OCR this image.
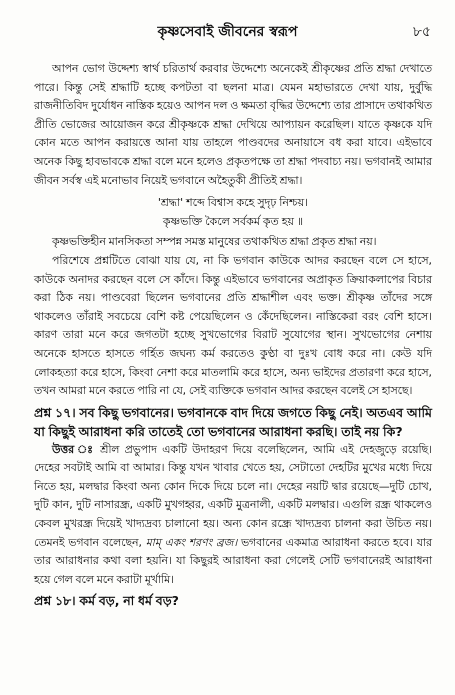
কৃষ্ণসেবাই জীবনের স্বরূপ	৮৫

আপন ভোগ উদ্দেশ্য স্বার্থ চরিতার্থ করবার উদ্দেশ্যে অনেকেই শ্রীকৃষ্ণের প্রতি শ্রদ্ধা দেখাতে পারে। কিন্তু সেই শ্রদ্ধাটি হচ্ছে কপটতা বা ছলনা মাত্র। যেমন মহাভারতে দেখা যায়, দুর্বুদ্ধি রাজনীতিবিদ দুর্যোধন নাস্তিক হয়েও আপন দল ও ক্ষমতা বৃদ্ধির উদ্দেশ্যে তার প্রাসাদে তথাকথিত প্রীতি ভোজের আয়োজন করে শ্রীকৃষ্ণকে শ্রদ্ধা দেখিয়ে আপ্যায়ন করেছিল। যাতে কৃষ্ণকে যদি কোন মতে আপন করায়ত্তে আনা যায় তাহলে পাণ্ডবদের অনায়াসে বধ করা যাবে। এইভাবে অনেক কিছু হাবভাবকে শ্রদ্ধা বলে মনে হলেও প্রকৃতপক্ষে তা শ্রদ্ধা পদবাচ্য নয়। ভগবানই আমার জীবন সর্বস্ব এই মনোভাব নিয়েই ভগবানে অহৈতুকী প্রীতিই শ্রদ্ধা।

'শ্রদ্ধা' শব্দে বিশ্বাস কহে সুদৃঢ় নিশ্চয়।
কৃষ্ণভক্তি কৈলে সর্বকর্ম কৃত হয় ॥

কৃষ্ণভক্তিহীন মানসিকতা সম্পন্ন সমস্ত মানুষের তথাকথিত শ্রদ্ধা প্রকৃত শ্রদ্ধা নয়।

পরিশেষে প্রশ্নটিতে বোঝা যায় যে, না কি ভগবান কাউকে আদর করছেন বলে সে হাসে, কাউকে অনাদর করছেন বলে সে কাঁদে। কিন্তু এইভাবে ভগবানের অপ্রাকৃত ক্রিয়াকলাপের বিচার করা ঠিক নয়। পাণ্ডবেরা ছিলেন ভগবানের প্রতি শ্রদ্ধাশীল এবং ভক্ত। শ্রীকৃষ্ণ তাঁদের সঙ্গে থাকলেও তাঁরাই সবচেয়ে বেশি কষ্ট পেয়েছিলেন ও কেঁদেছিলেন। নাস্তিকেরা বরং বেশি হাসে। কারণ তারা মনে করে জগতটা হচ্ছে সুখভোগের বিরাট সুযোগের স্থান। সুখভোগের নেশায় অনেকে হাসতে হাসতে গর্হিত জঘন্য কর্ম করতেও কুণ্ঠা বা দুঃখ বোধ করে না। কেউ যদি লোকহত্যা করে হাসে, কিংবা নেশা করে মাতলামি করে হাসে, অন্য ভাইদের প্রতারণা করে হাসে, তখন আমরা মনে করতে পারি না যে, সেই ব্যক্তিকে ভগবান আদর করছেন বলেই সে হাসছে।

প্রশ্ন ১৭। সব কিছু ভগবানের। ভগবানকে বাদ দিয়ে জগতে কিছু নেই। অতএব আমি যা কিছুই আরাধনা করি তাতেই তো ভগবানের আরাধনা করছি। তাই নয় কি?

উত্তর ঃ শ্রীল প্রভুপাদ একটি উদাহরণ দিয়ে বলেছিলেন, আমি এই দেহজুড়ে রয়েছি। দেহের সবটাই আমি বা আমার। কিন্তু যখন খাবার খেতে হয়, সেটাতো দেহটির মুখের মধ্যে দিয়ে নিতে হয়, মলদ্বার কিংবা অন্য কোন দিকে দিয়ে চলে না। দেহের নয়টি দ্বার রয়েছে—দুটি চোখ, দুটি কান, দুটি নাসারন্ধ্র, একটি মুখগহ্বর, একটি মুত্রনালী, একটি মলদ্বার। এগুলি রন্ধ্র থাকলেও কেবল মুখরন্ধ্র দিয়েই খাদ্যদ্রব্য চালানো হয়। অন্য কোন রন্ধ্রে খাদ্যদ্রব্য চালনা করা উচিত নয়। তেমনই ভগবান বলেছেন, মাম্ একং শরণং ব্রজ। ভগবানের একমাত্র আরাধনা করতে হবে। যার তার আরাধনার কথা বলা হয়নি। যা কিছুরই আরাধনা করা গেলেই সেটি ভগবানেরই আরাধনা হয়ে গেল বলে মনে করাটা মূর্খামি।

প্রশ্ন ১৮। কর্ম বড়, না ধর্ম বড়?
